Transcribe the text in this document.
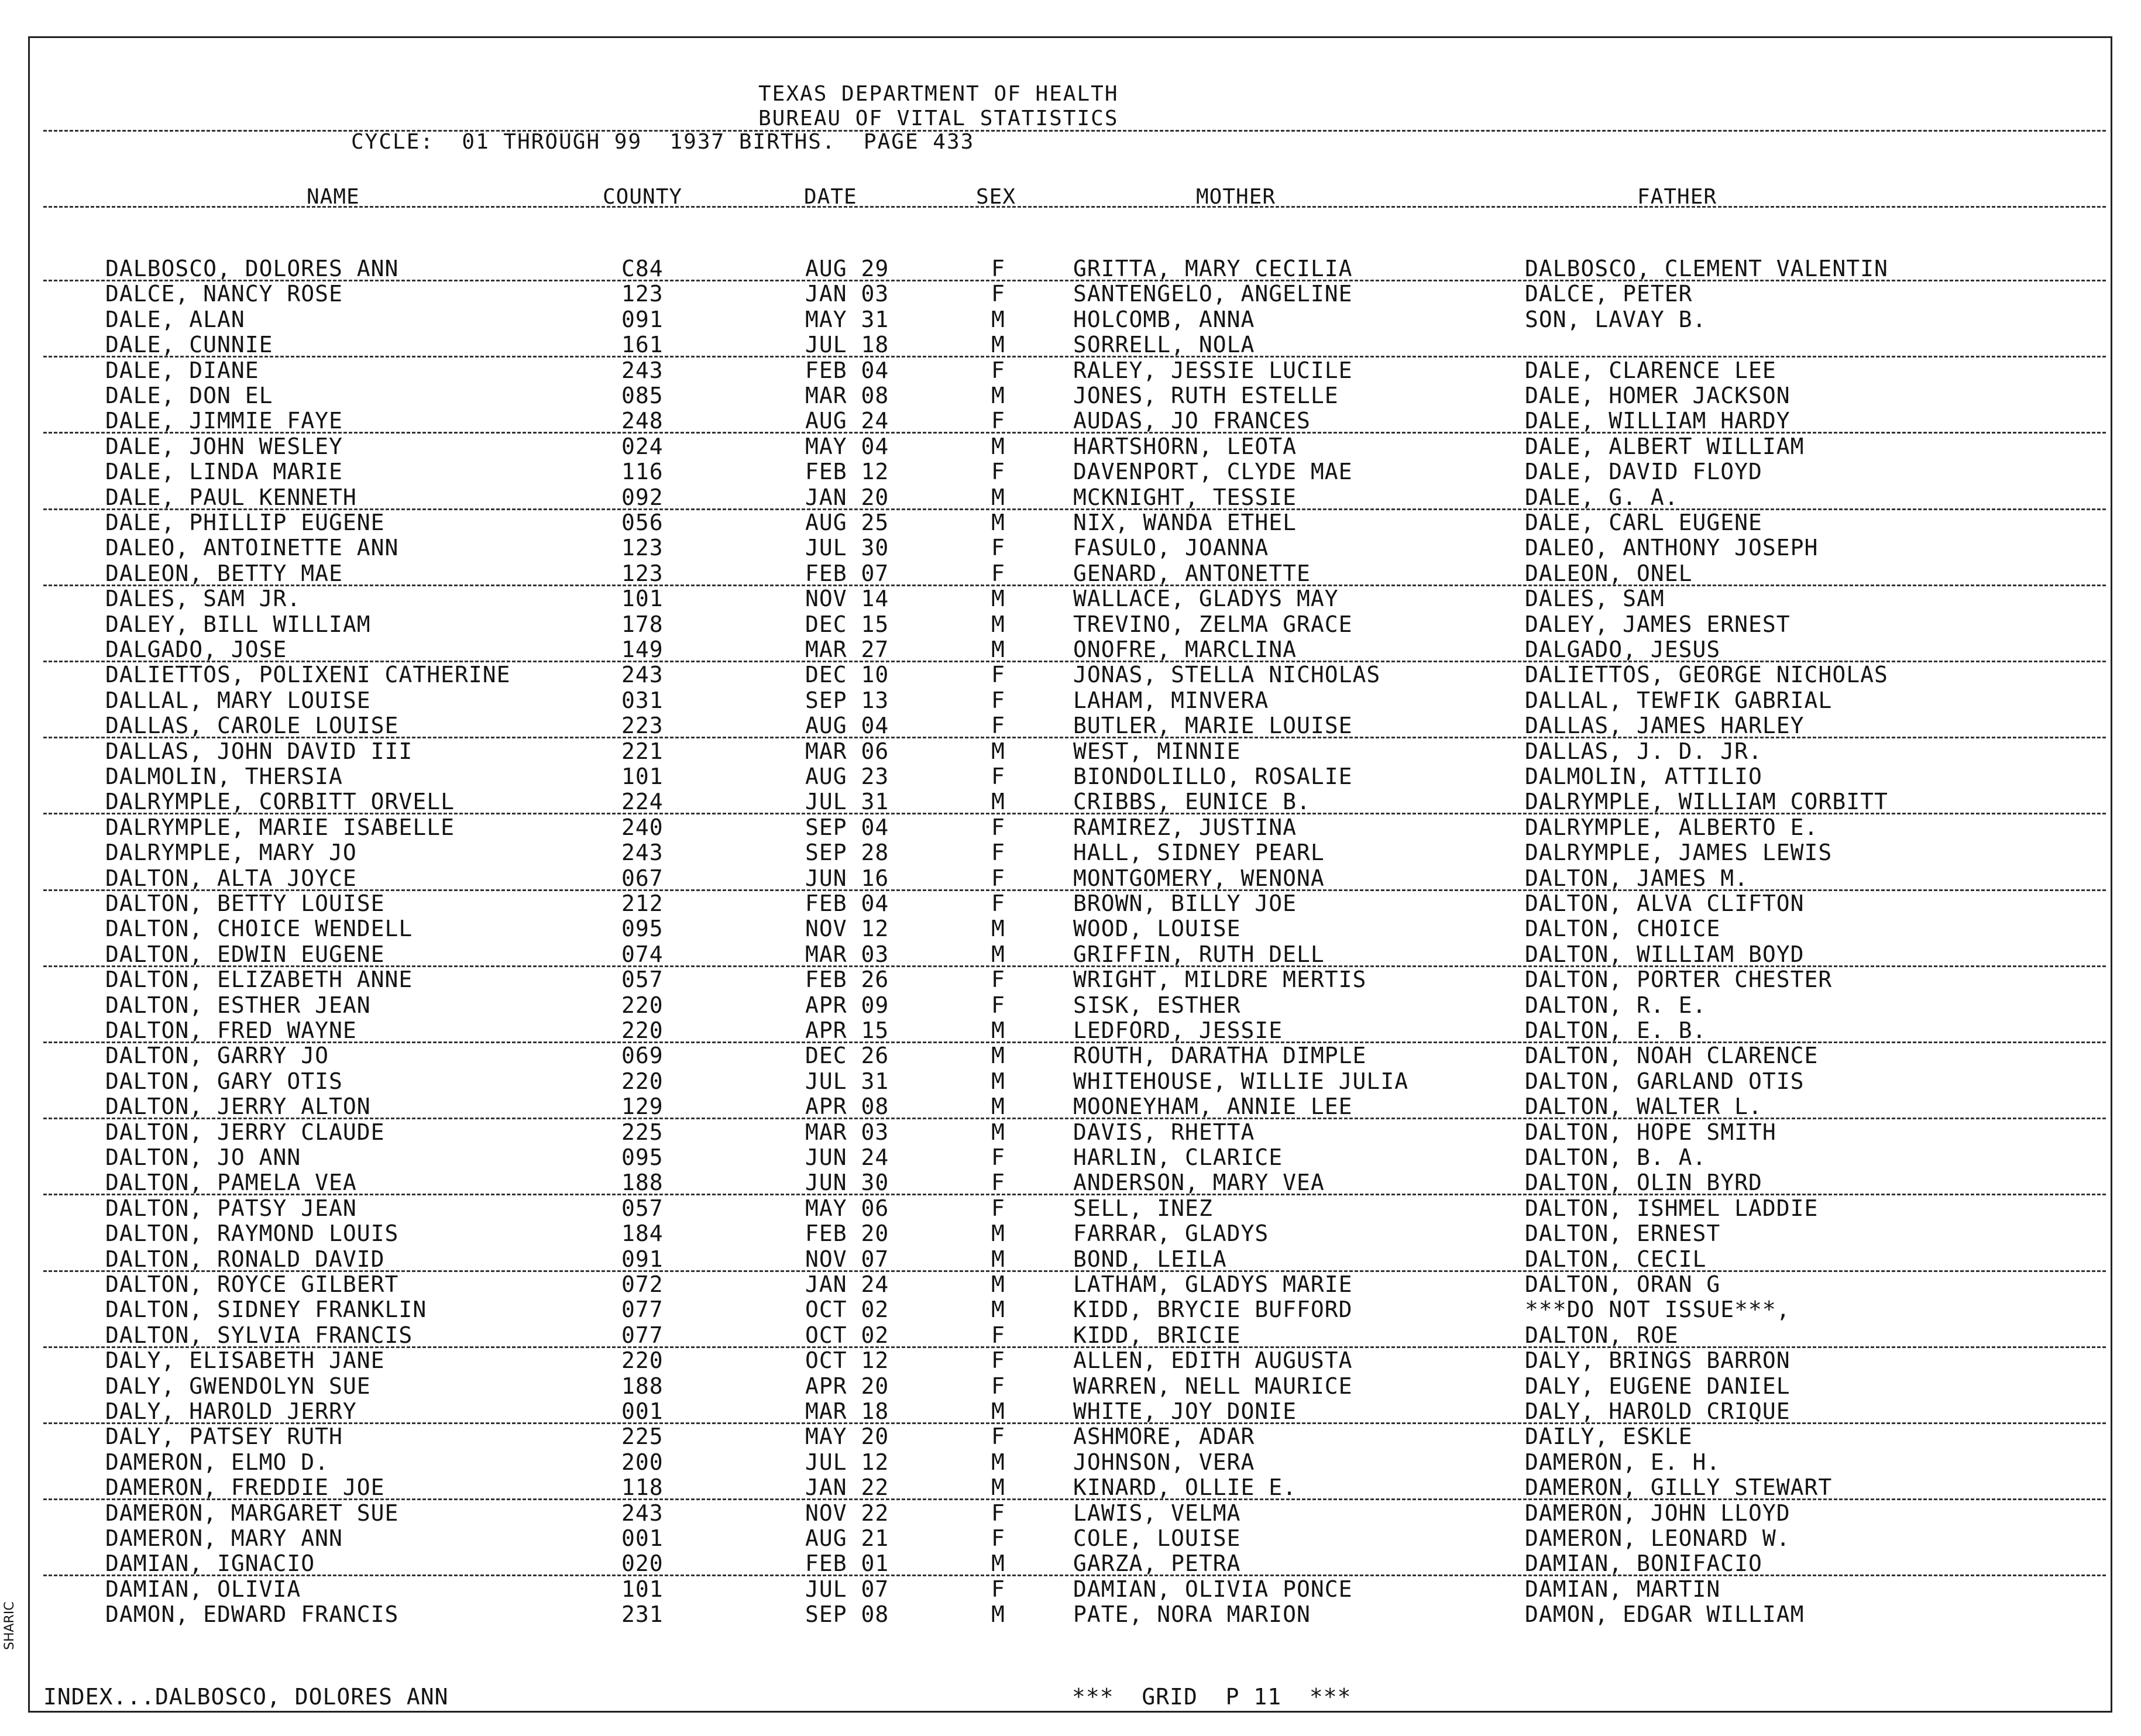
TEXAS DEPARTMENT OF HEALTH
BUREAU OF VITAL STATISTICS
CYCLE:  01 THROUGH 99  1937 BIRTHS.  PAGE 433
NAME	COUNTY	DATE	SEX	MOTHER	FATHER
DALBOSCO, DOLORES ANN	C84	AUG 29	F	GRITTA, MARY CECILIA	DALBOSCO, CLEMENT VALENTIN
DALCE, NANCY ROSE	123	JAN 03	F	SANTENGELO, ANGELINE	DALCE, PETER
DALE, ALAN	091	MAY 31	M	HOLCOMB, ANNA	SON, LAVAY B.
DALE, CUNNIE	161	JUL 18	M	SORRELL, NOLA
DALE, DIANE	243	FEB 04	F	RALEY, JESSIE LUCILE	DALE, CLARENCE LEE
DALE, DON EL	085	MAR 08	M	JONES, RUTH ESTELLE	DALE, HOMER JACKSON
DALE, JIMMIE FAYE	248	AUG 24	F	AUDAS, JO FRANCES	DALE, WILLIAM HARDY
DALE, JOHN WESLEY	024	MAY 04	M	HARTSHORN, LEOTA	DALE, ALBERT WILLIAM
DALE, LINDA MARIE	116	FEB 12	F	DAVENPORT, CLYDE MAE	DALE, DAVID FLOYD
DALE, PAUL KENNETH	092	JAN 20	M	MCKNIGHT, TESSIE	DALE, G. A.
DALE, PHILLIP EUGENE	056	AUG 25	M	NIX, WANDA ETHEL	DALE, CARL EUGENE
DALEO, ANTOINETTE ANN	123	JUL 30	F	FASULO, JOANNA	DALEO, ANTHONY JOSEPH
DALEON, BETTY MAE	123	FEB 07	F	GENARD, ANTONETTE	DALEON, ONEL
DALES, SAM JR.	101	NOV 14	M	WALLACE, GLADYS MAY	DALES, SAM
DALEY, BILL WILLIAM	178	DEC 15	M	TREVINO, ZELMA GRACE	DALEY, JAMES ERNEST
DALGADO, JOSE	149	MAR 27	M	ONOFRE, MARCLINA	DALGADO, JESUS
DALIETTOS, POLIXENI CATHERINE	243	DEC 10	F	JONAS, STELLA NICHOLAS	DALIETTOS, GEORGE NICHOLAS
DALLAL, MARY LOUISE	031	SEP 13	F	LAHAM, MINVERA	DALLAL, TEWFIK GABRIAL
DALLAS, CAROLE LOUISE	223	AUG 04	F	BUTLER, MARIE LOUISE	DALLAS, JAMES HARLEY
DALLAS, JOHN DAVID III	221	MAR 06	M	WEST, MINNIE	DALLAS, J. D. JR.
DALMOLIN, THERSIA	101	AUG 23	F	BIONDOLILLO, ROSALIE	DALMOLIN, ATTILIO
DALRYMPLE, CORBITT ORVELL	224	JUL 31	M	CRIBBS, EUNICE B.	DALRYMPLE, WILLIAM CORBITT
DALRYMPLE, MARIE ISABELLE	240	SEP 04	F	RAMIREZ, JUSTINA	DALRYMPLE, ALBERTO E.
DALRYMPLE, MARY JO	243	SEP 28	F	HALL, SIDNEY PEARL	DALRYMPLE, JAMES LEWIS
DALTON, ALTA JOYCE	067	JUN 16	F	MONTGOMERY, WENONA	DALTON, JAMES M.
DALTON, BETTY LOUISE	212	FEB 04	F	BROWN, BILLY JOE	DALTON, ALVA CLIFTON
DALTON, CHOICE WENDELL	095	NOV 12	M	WOOD, LOUISE	DALTON, CHOICE
DALTON, EDWIN EUGENE	074	MAR 03	M	GRIFFIN, RUTH DELL	DALTON, WILLIAM BOYD
DALTON, ELIZABETH ANNE	057	FEB 26	F	WRIGHT, MILDRE MERTIS	DALTON, PORTER CHESTER
DALTON, ESTHER JEAN	220	APR 09	F	SISK, ESTHER	DALTON, R. E.
DALTON, FRED WAYNE	220	APR 15	M	LEDFORD, JESSIE	DALTON, E. B.
DALTON, GARRY JO	069	DEC 26	M	ROUTH, DARATHA DIMPLE	DALTON, NOAH CLARENCE
DALTON, GARY OTIS	220	JUL 31	M	WHITEHOUSE, WILLIE JULIA	DALTON, GARLAND OTIS
DALTON, JERRY ALTON	129	APR 08	M	MOONEYHAM, ANNIE LEE	DALTON, WALTER L.
DALTON, JERRY CLAUDE	225	MAR 03	M	DAVIS, RHETTA	DALTON, HOPE SMITH
DALTON, JO ANN	095	JUN 24	F	HARLIN, CLARICE	DALTON, B. A.
DALTON, PAMELA VEA	188	JUN 30	F	ANDERSON, MARY VEA	DALTON, OLIN BYRD
DALTON, PATSY JEAN	057	MAY 06	F	SELL, INEZ	DALTON, ISHMEL LADDIE
DALTON, RAYMOND LOUIS	184	FEB 20	M	FARRAR, GLADYS	DALTON, ERNEST
DALTON, RONALD DAVID	091	NOV 07	M	BOND, LEILA	DALTON, CECIL
DALTON, ROYCE GILBERT	072	JAN 24	M	LATHAM, GLADYS MARIE	DALTON, ORAN G
DALTON, SIDNEY FRANKLIN	077	OCT 02	M	KIDD, BRYCIE BUFFORD	***DO NOT ISSUE***,
DALTON, SYLVIA FRANCIS	077	OCT 02	F	KIDD, BRICIE	DALTON, ROE
DALY, ELISABETH JANE	220	OCT 12	F	ALLEN, EDITH AUGUSTA	DALY, BRINGS BARRON
DALY, GWENDOLYN SUE	188	APR 20	F	WARREN, NELL MAURICE	DALY, EUGENE DANIEL
DALY, HAROLD JERRY	001	MAR 18	M	WHITE, JOY DONIE	DALY, HAROLD CRIQUE
DALY, PATSEY RUTH	225	MAY 20	F	ASHMORE, ADAR	DAILY, ESKLE
DAMERON, ELMO D.	200	JUL 12	M	JOHNSON, VERA	DAMERON, E. H.
DAMERON, FREDDIE JOE	118	JAN 22	M	KINARD, OLLIE E.	DAMERON, GILLY STEWART
DAMERON, MARGARET SUE	243	NOV 22	F	LAWIS, VELMA	DAMERON, JOHN LLOYD
DAMERON, MARY ANN	001	AUG 21	F	COLE, LOUISE	DAMERON, LEONARD W.
DAMIAN, IGNACIO	020	FEB 01	M	GARZA, PETRA	DAMIAN, BONIFACIO
DAMIAN, OLIVIA	101	JUL 07	F	DAMIAN, OLIVIA PONCE	DAMIAN, MARTIN
DAMON, EDWARD FRANCIS	231	SEP 08	M	PATE, NORA MARION	DAMON, EDGAR WILLIAM
INDEX...DALBOSCO, DOLORES ANN	***  GRID  P 11  ***
SHARIC
